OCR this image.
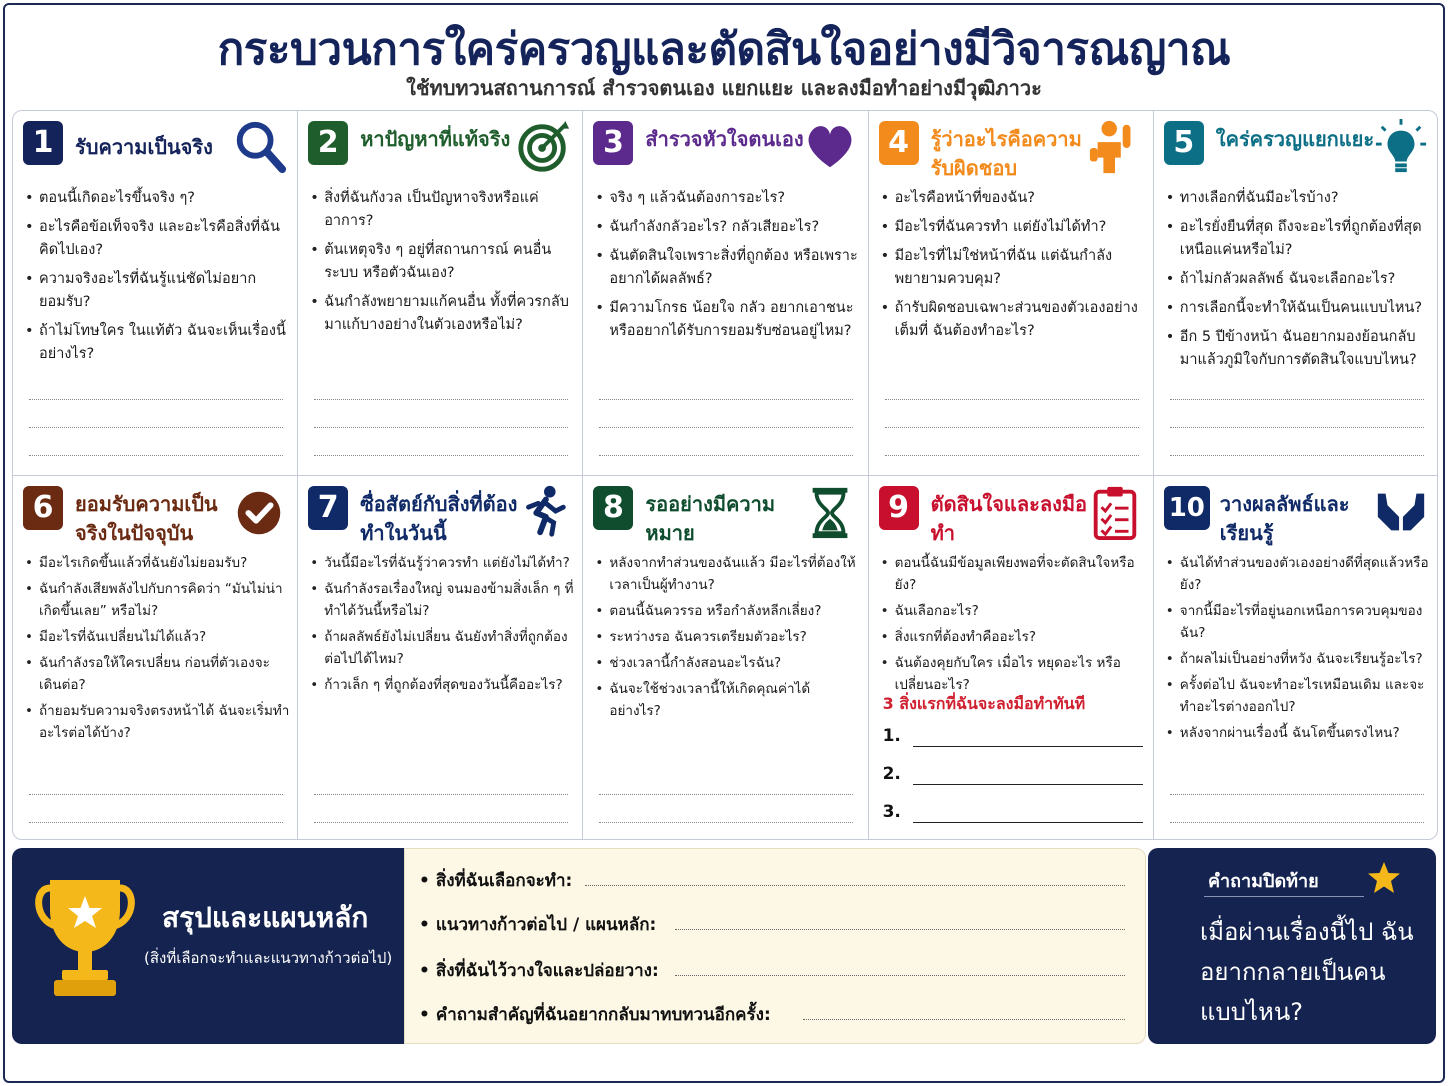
กระบวนการใคร่ครวญและตัดสินใจอย่างมีวิจารณญาณ
ใช้ทบทวนสถานการณ์ สำรวจตนเอง แยกแยะ และลงมือทำอย่างมีวุฒิภาวะ
1	รับความเป็นจริง
• ตอนนี้เกิดอะไรขึ้นจริง ๆ?
• อะไรคือข้อเท็จจริง และอะไรคือสิ่งที่ฉันคิดไปเอง?
• ความจริงอะไรที่ฉันรู้แน่ชัดไม่อยากยอมรับ?
• ถ้าไม่โทษใคร ในแท้ตัว ฉันจะเห็นเรื่องนี้อย่างไร?
2	หาปัญหาที่แท้จริง
• สิ่งที่ฉันกังวล เป็นปัญหาจริงหรือแค่อาการ?
• ต้นเหตุจริง ๆ อยู่ที่สถานการณ์ คนอื่น ระบบ หรือตัวฉันเอง?
• ฉันกำลังพยายามแก้คนอื่น ทั้งที่ควรกลับมาแก้บางอย่างในตัวเองหรือไม่?
3	สำรวจหัวใจตนเอง
• จริง ๆ แล้วฉันต้องการอะไร?
• ฉันกำลังกลัวอะไร? กลัวเสียอะไร?
• ฉันตัดสินใจเพราะสิ่งที่ถูกต้อง หรือเพราะอยากได้ผลลัพธ์?
• มีความโกรธ น้อยใจ กลัว อยากเอาชนะ หรืออยากได้รับการยอมรับซ่อนอยู่ไหม?
4	รู้ว่าอะไรคือความรับผิดชอบ
• อะไรคือหน้าที่ของฉัน?
• มีอะไรที่ฉันควรทำ แต่ยังไม่ได้ทำ?
• มีอะไรที่ไม่ใช่หน้าที่ฉัน แต่ฉันกำลังพยายามควบคุม?
• ถ้ารับผิดชอบเฉพาะส่วนของตัวเองอย่างเต็มที่ ฉันต้องทำอะไร?
5	ใคร่ครวญแยกแยะ
• ทางเลือกที่ฉันมีอะไรบ้าง?
• อะไรยั่งยืนที่สุด ถึงจะอะไรที่ถูกต้องที่สุดเหนือแค่นหรือไม่?
• ถ้าไม่กลัวผลลัพธ์ ฉันจะเลือกอะไร?
• การเลือกนี้จะทำให้ฉันเป็นคนแบบไหน?
• อีก 5 ปีข้างหน้า ฉันอยากมองย้อนกลับมาแล้วภูมิใจกับการตัดสินใจแบบไหน?
6	ยอมรับความเป็นจริงในปัจจุบัน
• มีอะไรเกิดขึ้นแล้วที่ฉันยังไม่ยอมรับ?
• ฉันกำลังเสียพลังไปกับการคิดว่า “มันไม่น่าเกิดขึ้นเลย” หรือไม่?
• มีอะไรที่ฉันเปลี่ยนไม่ได้แล้ว?
• ฉันกำลังรอให้ใครเปลี่ยน ก่อนที่ตัวเองจะเดินต่อ?
• ถ้ายอมรับความจริงตรงหน้าได้ ฉันจะเริ่มทำอะไรต่อได้บ้าง?
7	ซื่อสัตย์กับสิ่งที่ต้องทำในวันนี้
• วันนี้มีอะไรที่ฉันรู้ว่าควรทำ แต่ยังไม่ได้ทำ?
• ฉันกำลังรอเรื่องใหญ่ จนมองข้ามสิ่งเล็ก ๆ ที่ทำได้วันนี้หรือไม่?
• ถ้าผลลัพธ์ยังไม่เปลี่ยน ฉันยังทำสิ่งที่ถูกต้องต่อไปได้ไหม?
• ก้าวเล็ก ๆ ที่ถูกต้องที่สุดของวันนี้คืออะไร?
8	รออย่างมีความหมาย
• หลังจากทำส่วนของฉันแล้ว มีอะไรที่ต้องให้เวลาเป็นผู้ทำงาน?
• ตอนนี้ฉันควรรอ หรือกำลังหลีกเลี่ยง?
• ระหว่างรอ ฉันควรเตรียมตัวอะไร?
• ช่วงเวลานี้กำลังสอนอะไรฉัน?
• ฉันจะใช้ช่วงเวลานี้ให้เกิดคุณค่าได้อย่างไร?
9	ตัดสินใจและลงมือทำ
• ตอนนี้ฉันมีข้อมูลเพียงพอที่จะตัดสินใจหรือยัง?
• ฉันเลือกอะไร?
• สิ่งแรกที่ต้องทำคืออะไร?
• ฉันต้องคุยกับใคร เมื่อไร หยุดอะไร หรือเปลี่ยนอะไร?
3 สิ่งแรกที่ฉันจะลงมือทำทันที
1.
2.
3.
10 วางผลลัพธ์และเรียนรู้
• ฉันได้ทำส่วนของตัวเองอย่างดีที่สุดแล้วหรือยัง?
• จากนี้มีอะไรที่อยู่นอกเหนือการควบคุมของฉัน?
• ถ้าผลไม่เป็นอย่างที่หวัง ฉันจะเรียนรู้อะไร?
• ครั้งต่อไป ฉันจะทำอะไรเหมือนเดิม และจะทำอะไรต่างออกไป?
• หลังจากผ่านเรื่องนี้ ฉันโตขึ้นตรงไหน?
สรุปและแผนหลัก
(สิ่งที่เลือกจะทำและแนวทางก้าวต่อไป)
• สิ่งที่ฉันเลือกจะทำ:
• แนวทางก้าวต่อไป / แผนหลัก:
• สิ่งที่ฉันไว้วางใจและปล่อยวาง:
• คำถามสำคัญที่ฉันอยากกลับมาทบทวนอีกครั้ง:
คำถามปิดท้าย
เมื่อผ่านเรื่องนี้ไป ฉันอยากกลายเป็นคนแบบไหน?
